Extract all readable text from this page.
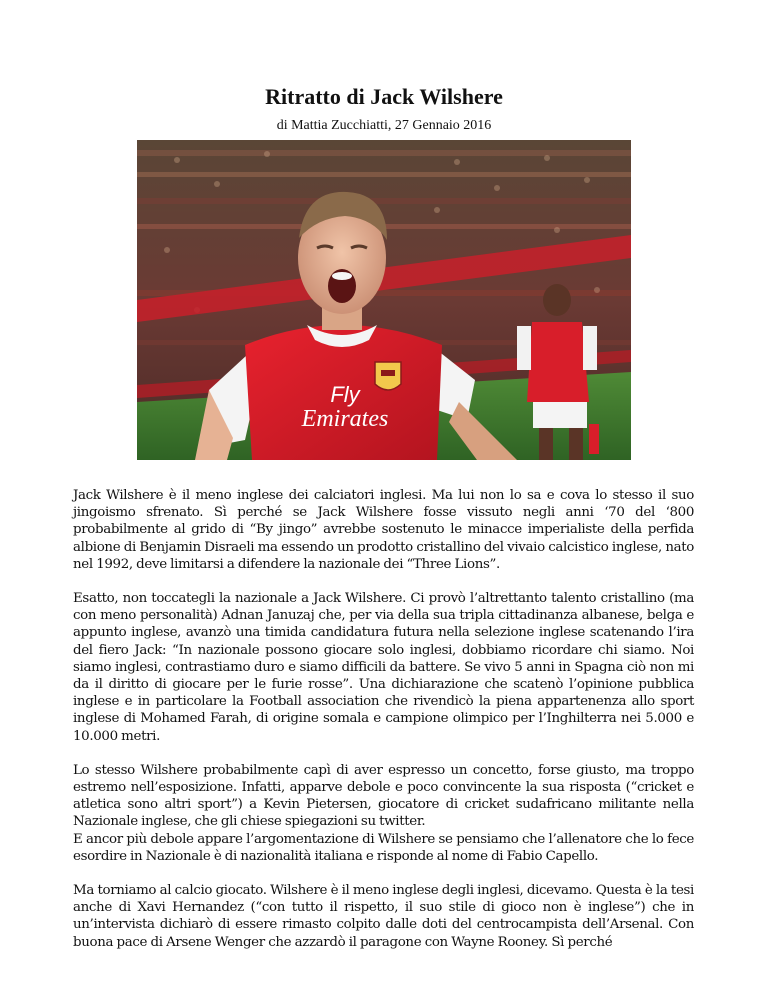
Ritratto di Jack Wilshere
di Mattia Zucchiatti, 27 Gennaio 2016
Fly
Emirates

Jack Wilshere è il meno inglese dei calciatori inglesi. Ma lui non lo sa e cova lo stesso il suo jingoismo sfrenato. Sì perché se Jack Wilshere fosse vissuto negli anni ‘70 del ‘800 probabilmente al grido di “By jingo” avrebbe sostenuto le minacce imperialiste della perfida albione di Benjamin Disraeli ma essendo un prodotto cristallino del vivaio calcistico inglese, nato nel 1992, deve limitarsi a difendere la nazionale dei “Three Lions”.

Esatto, non toccategli la nazionale a Jack Wilshere. Ci provò l’altrettanto talento cristallino (ma con meno personalità) Adnan Januzaj che, per via della sua tripla cittadinanza albanese, belga e appunto inglese, avanzò una timida candidatura futura nella selezione inglese scatenando l’ira del fiero Jack: “In nazionale possono giocare solo inglesi, dobbiamo ricordare chi siamo. Noi siamo inglesi, contrastiamo duro e siamo difficili da battere. Se vivo 5 anni in Spagna ciò non mi da il diritto di giocare per le furie rosse”. Una dichiarazione che scatenò l’opinione pubblica inglese e in particolare la Football association che rivendicò la piena appartenenza allo sport inglese di Mohamed Farah, di origine somala e campione olimpico per l’Inghilterra nei 5.000 e 10.000 metri.

Lo stesso Wilshere probabilmente capì di aver espresso un concetto, forse giusto, ma troppo estremo nell’esposizione. Infatti, apparve debole e poco convincente la sua risposta (“cricket e atletica sono altri sport”) a Kevin Pietersen, giocatore di cricket sudafricano militante nella Nazionale inglese, che gli chiese spiegazioni su twitter.

E ancor più debole appare l’argomentazione di Wilshere se pensiamo che l’allenatore che lo fece esordire in Nazionale è di nazionalità italiana e risponde al nome di Fabio Capello.

Ma torniamo al calcio giocato. Wilshere è il meno inglese degli inglesi, dicevamo. Questa è la tesi anche di Xavi Hernandez (“con tutto il rispetto, il suo stile di gioco non è inglese”) che in un’intervista dichiarò di essere rimasto colpito dalle doti del centrocampista dell’Arsenal. Con buona pace di Arsene Wenger che azzardò il paragone con Wayne Rooney. Sì perché
